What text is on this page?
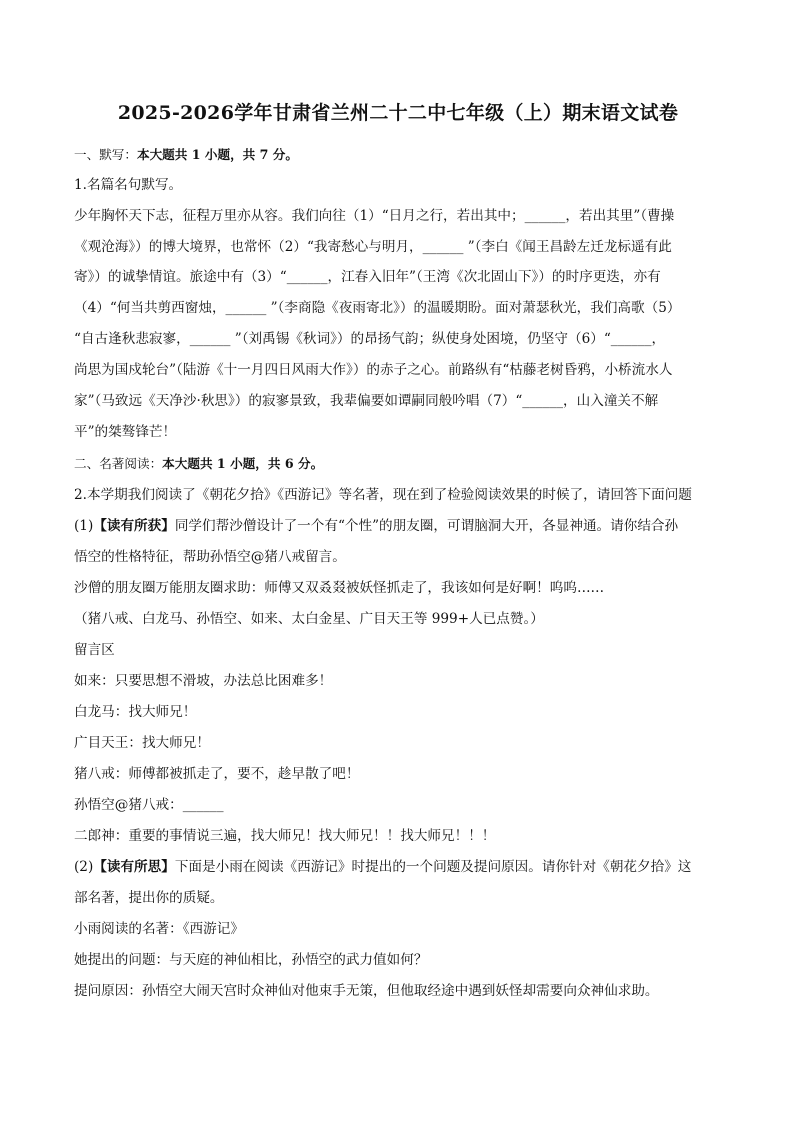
2025-2026学年甘肃省兰州二十二中七年级（上）期末语文试卷
一、默写：本大题共 1 小题，共 7 分。
1.名篇名句默写。
少年胸怀天下志，征程万里亦从容。我们向往（1）“日月之行，若出其中；______，若出其里”（曹操
《观沧海》）的博大境界，也常怀（2）“我寄愁心与明月，______ ”（李白《闻王昌龄左迁龙标遥有此
寄》）的诚挚情谊。旅途中有（3）“______，江春入旧年”（王湾《次北固山下》）的时序更迭，亦有
（4）“何当共剪西窗烛，______ ”（李商隐《夜雨寄北》）的温暖期盼。面对萧瑟秋光，我们高歌（5）
“自古逢秋悲寂寥，______ ”（刘禹锡《秋词》）的昂扬气韵；纵使身处困境，仍坚守（6）“______，
尚思为国戍轮台”（陆游《十一月四日风雨大作》）的赤子之心。前路纵有“枯藤老树昏鸦，小桥流水人
家”（马致远《天净沙·秋思》）的寂寥景致，我辈偏要如谭嗣同般吟唱（7）“______，山入潼关不解
平”的桀骜锋芒！
二、名著阅读：本大题共 1 小题，共 6 分。
2.本学期我们阅读了《朝花夕拾》《西游记》等名著，现在到了检验阅读效果的时候了，请回答下面问题
(1)【读有所获】同学们帮沙僧设计了一个有“个性”的朋友圈，可谓脑洞大开，各显神通。请你结合孙
悟空的性格特征，帮助孙悟空@猪八戒留言。
沙僧的朋友圈万能朋友圈求助：师傅又双叒叕被妖怪抓走了，我该如何是好啊！呜呜……
（猪八戒、白龙马、孙悟空、如来、太白金星、广目天王等 999+人已点赞。）
留言区
如来：只要思想不滑坡，办法总比困难多！
白龙马：找大师兄！
广目天王：找大师兄！
猪八戒：师傅都被抓走了，要不，趁早散了吧！
孙悟空@猪八戒：______
二郎神：重要的事情说三遍，找大师兄！找大师兄！！找大师兄！！！
(2)【读有所思】下面是小雨在阅读《西游记》时提出的一个问题及提问原因。请你针对《朝花夕拾》这
部名著，提出你的质疑。
小雨阅读的名著：《西游记》
她提出的问题：与天庭的神仙相比，孙悟空的武力值如何？
提问原因：孙悟空大闹天宫时众神仙对他束手无策，但他取经途中遇到妖怪却需要向众神仙求助。
